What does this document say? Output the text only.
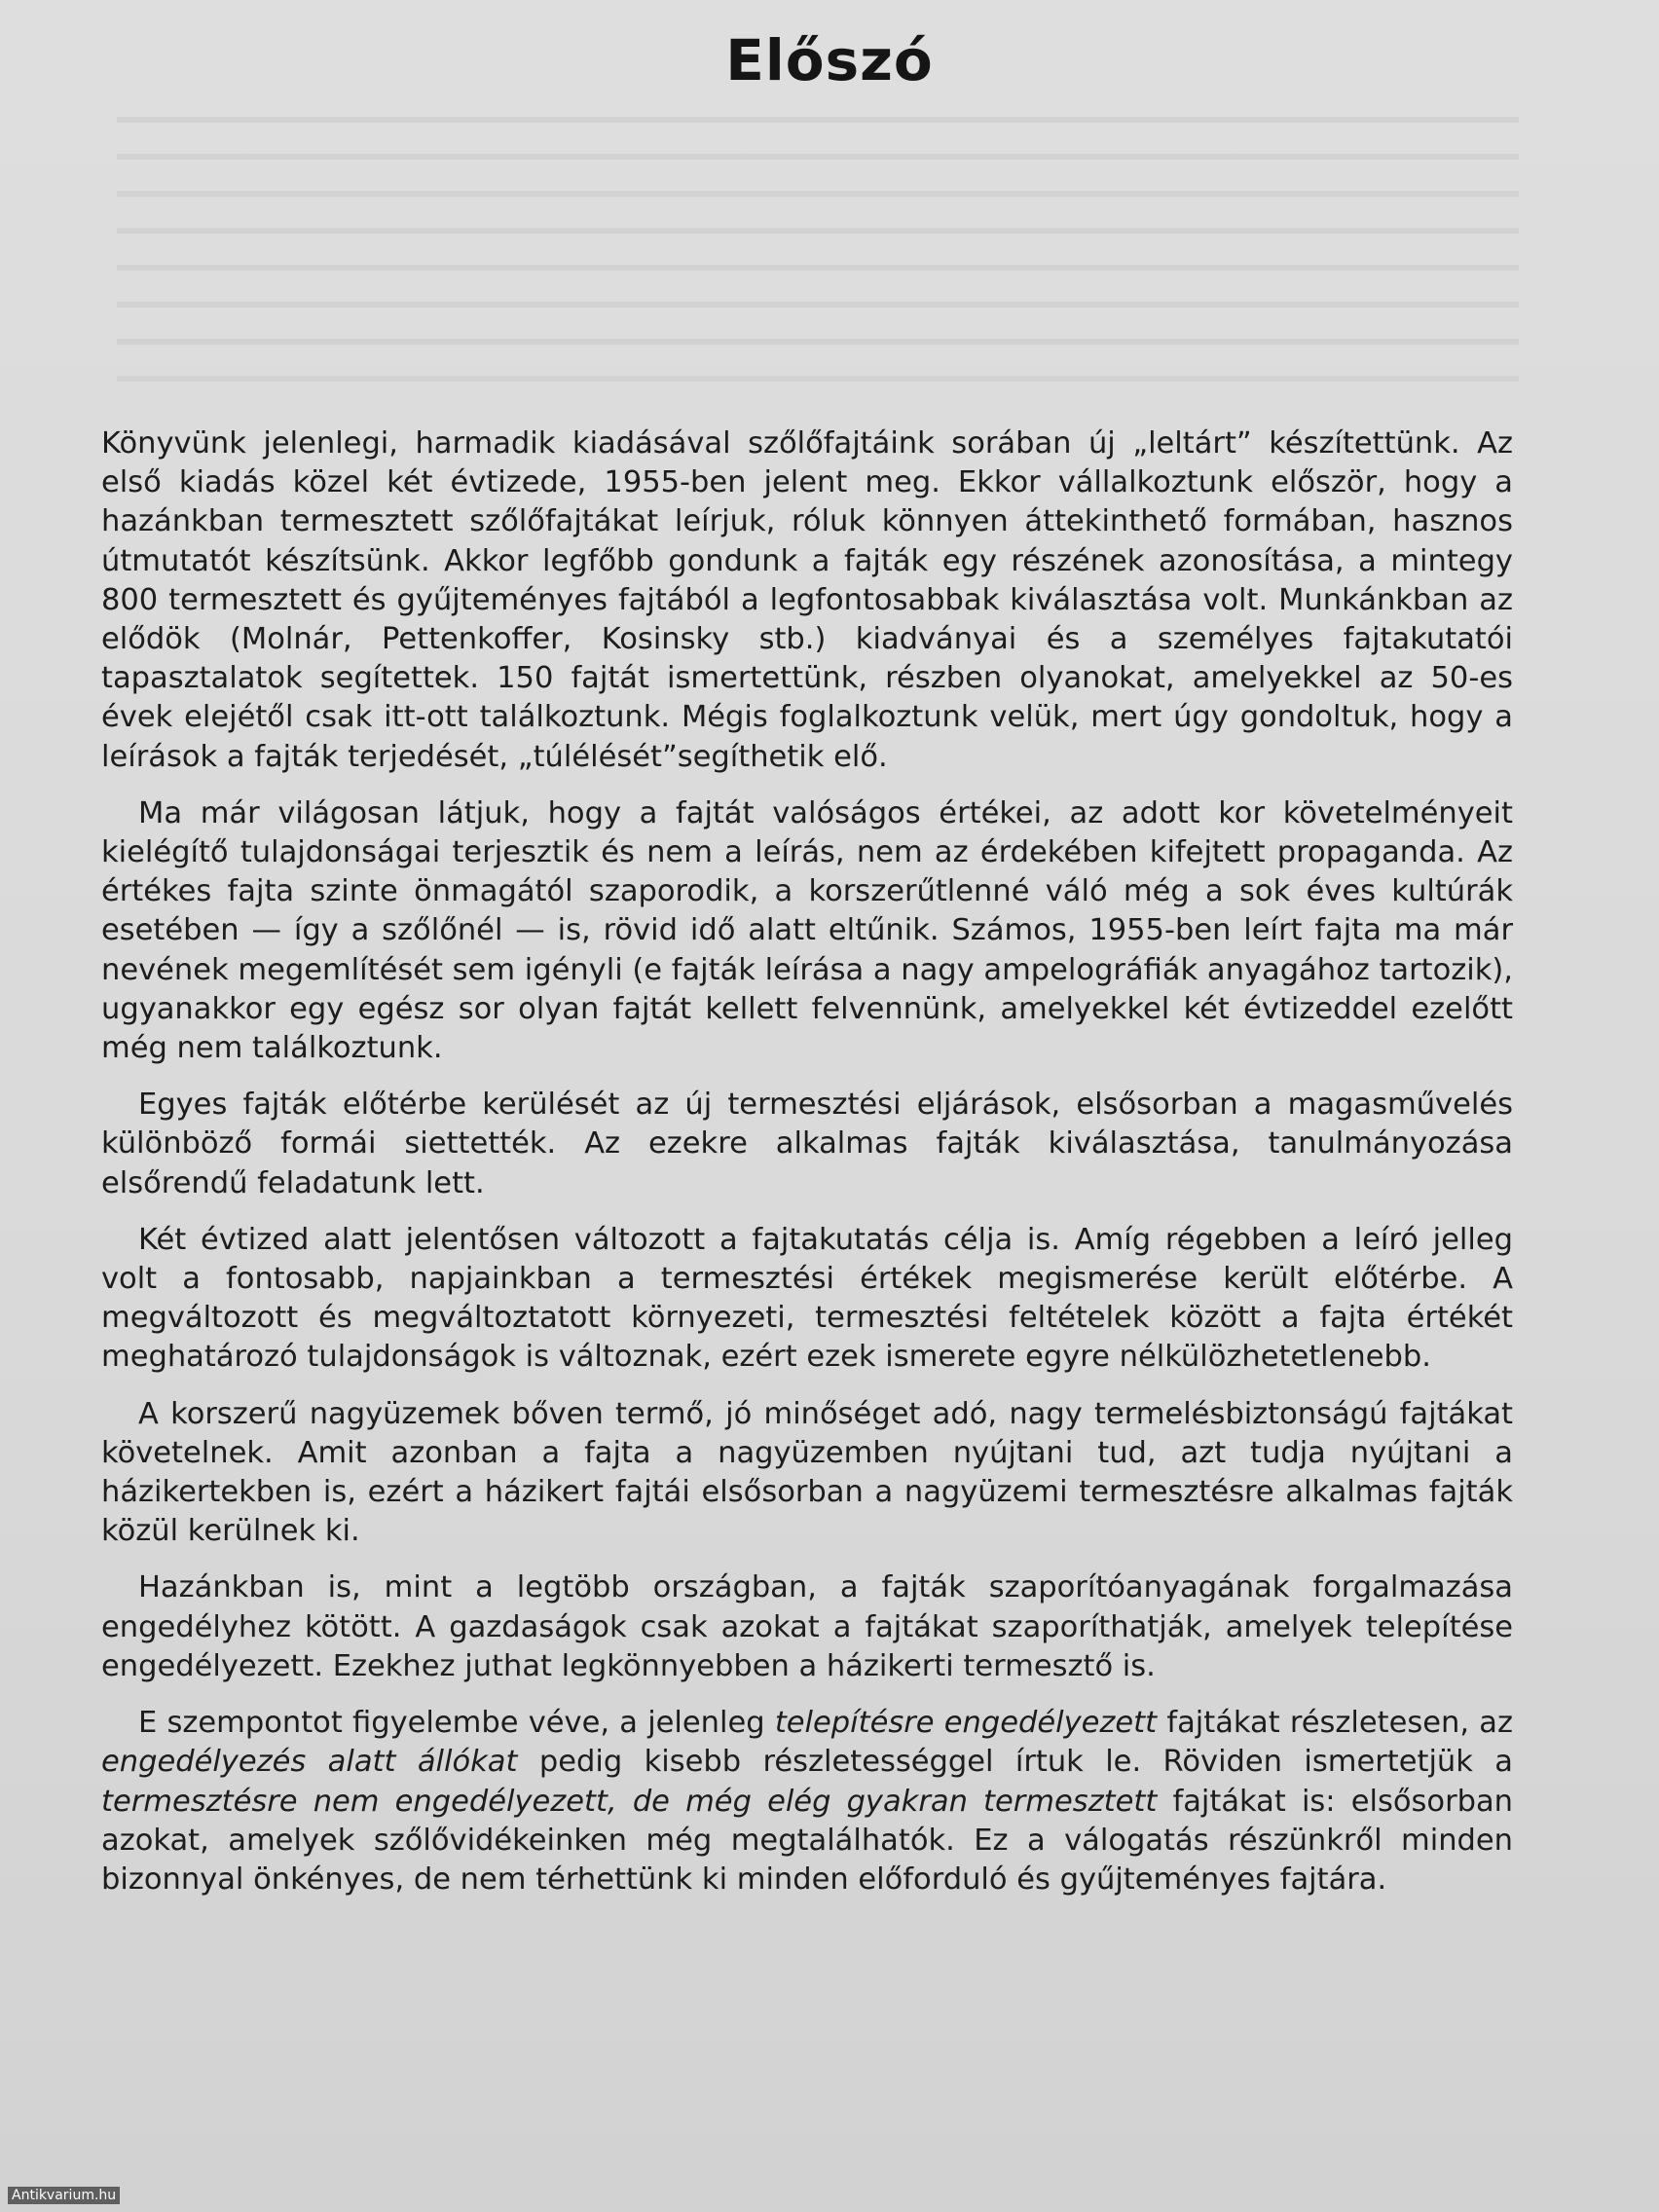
Előszó

Könyvünk jelenlegi, harmadik kiadásával szőlőfajtáink sorában új „leltárt” készítettünk. Az első kiadás közel két évtizede, 1955-ben jelent meg. Ekkor vállalkoztunk először, hogy a hazánkban termesztett szőlőfajtákat leírjuk, róluk könnyen áttekinthető formában, hasznos útmutatót készítsünk. Akkor legfőbb gondunk a fajták egy részének azonosítása, a mintegy 800 termesztett és gyűjteményes fajtából a legfontosabbak kiválasztása volt. Munkánkban az elődök (Molnár, Pettenkoffer, Kosinsky stb.) kiadványai és a személyes fajtakutatói tapasztalatok segítettek. 150 fajtát ismertettünk, részben olyanokat, amelyekkel az 50-es évek elejétől csak itt-ott találkoztunk. Mégis foglalkoztunk velük, mert úgy gondoltuk, hogy a leírások a fajták terjedését, „túlélését”segíthetik elő.

Ma már világosan látjuk, hogy a fajtát valóságos értékei, az adott kor követelményeit kielégítő tulajdonságai terjesztik és nem a leírás, nem az érdekében kifejtett propaganda. Az értékes fajta szinte önmagától szaporodik, a korszerűtlenné váló még a sok éves kultúrák esetében — így a szőlőnél — is, rövid idő alatt eltűnik. Számos, 1955-ben leírt fajta ma már nevének megemlítését sem igényli (e fajták leírása a nagy ampelográfiák anyagához tartozik), ugyanakkor egy egész sor olyan fajtát kellett felvennünk, amelyekkel két évtizeddel ezelőtt még nem találkoztunk.

Egyes fajták előtérbe kerülését az új termesztési eljárások, elsősorban a magasművelés különböző formái siettették. Az ezekre alkalmas fajták kiválasztása, tanulmányozása elsőrendű feladatunk lett.

Két évtized alatt jelentősen változott a fajtakutatás célja is. Amíg régebben a leíró jelleg volt a fontosabb, napjainkban a termesztési értékek megismerése került előtérbe. A megváltozott és megváltoztatott környezeti, termesztési feltételek között a fajta értékét meghatározó tulajdonságok is változnak, ezért ezek ismerete egyre nélkülözhetetlenebb.

A korszerű nagyüzemek bőven termő, jó minőséget adó, nagy termelésbiztonságú fajtákat követelnek. Amit azonban a fajta a nagyüzemben nyújtani tud, azt tudja nyújtani a házikertekben is, ezért a házikert fajtái elsősorban a nagyüzemi termesztésre alkalmas fajták közül kerülnek ki.

Hazánkban is, mint a legtöbb országban, a fajták szaporítóanyagának forgalmazása engedélyhez kötött. A gazdaságok csak azokat a fajtákat szaporíthatják, amelyek telepítése engedélyezett. Ezekhez juthat legkönnyebben a házikerti termesztő is.

E szempontot figyelembe véve, a jelenleg telepítésre engedélyezett fajtákat részletesen, az engedélyezés alatt állókat pedig kisebb részletességgel írtuk le. Röviden ismertetjük a termesztésre nem engedélyezett, de még elég gyakran termesztett fajtákat is: elsősorban azokat, amelyek szőlővidékeinken még megtalálhatók. Ez a válogatás részünkről minden bizonnyal önkényes, de nem térhettünk ki minden előforduló és gyűjteményes fajtára.

Antikvarium.hu
